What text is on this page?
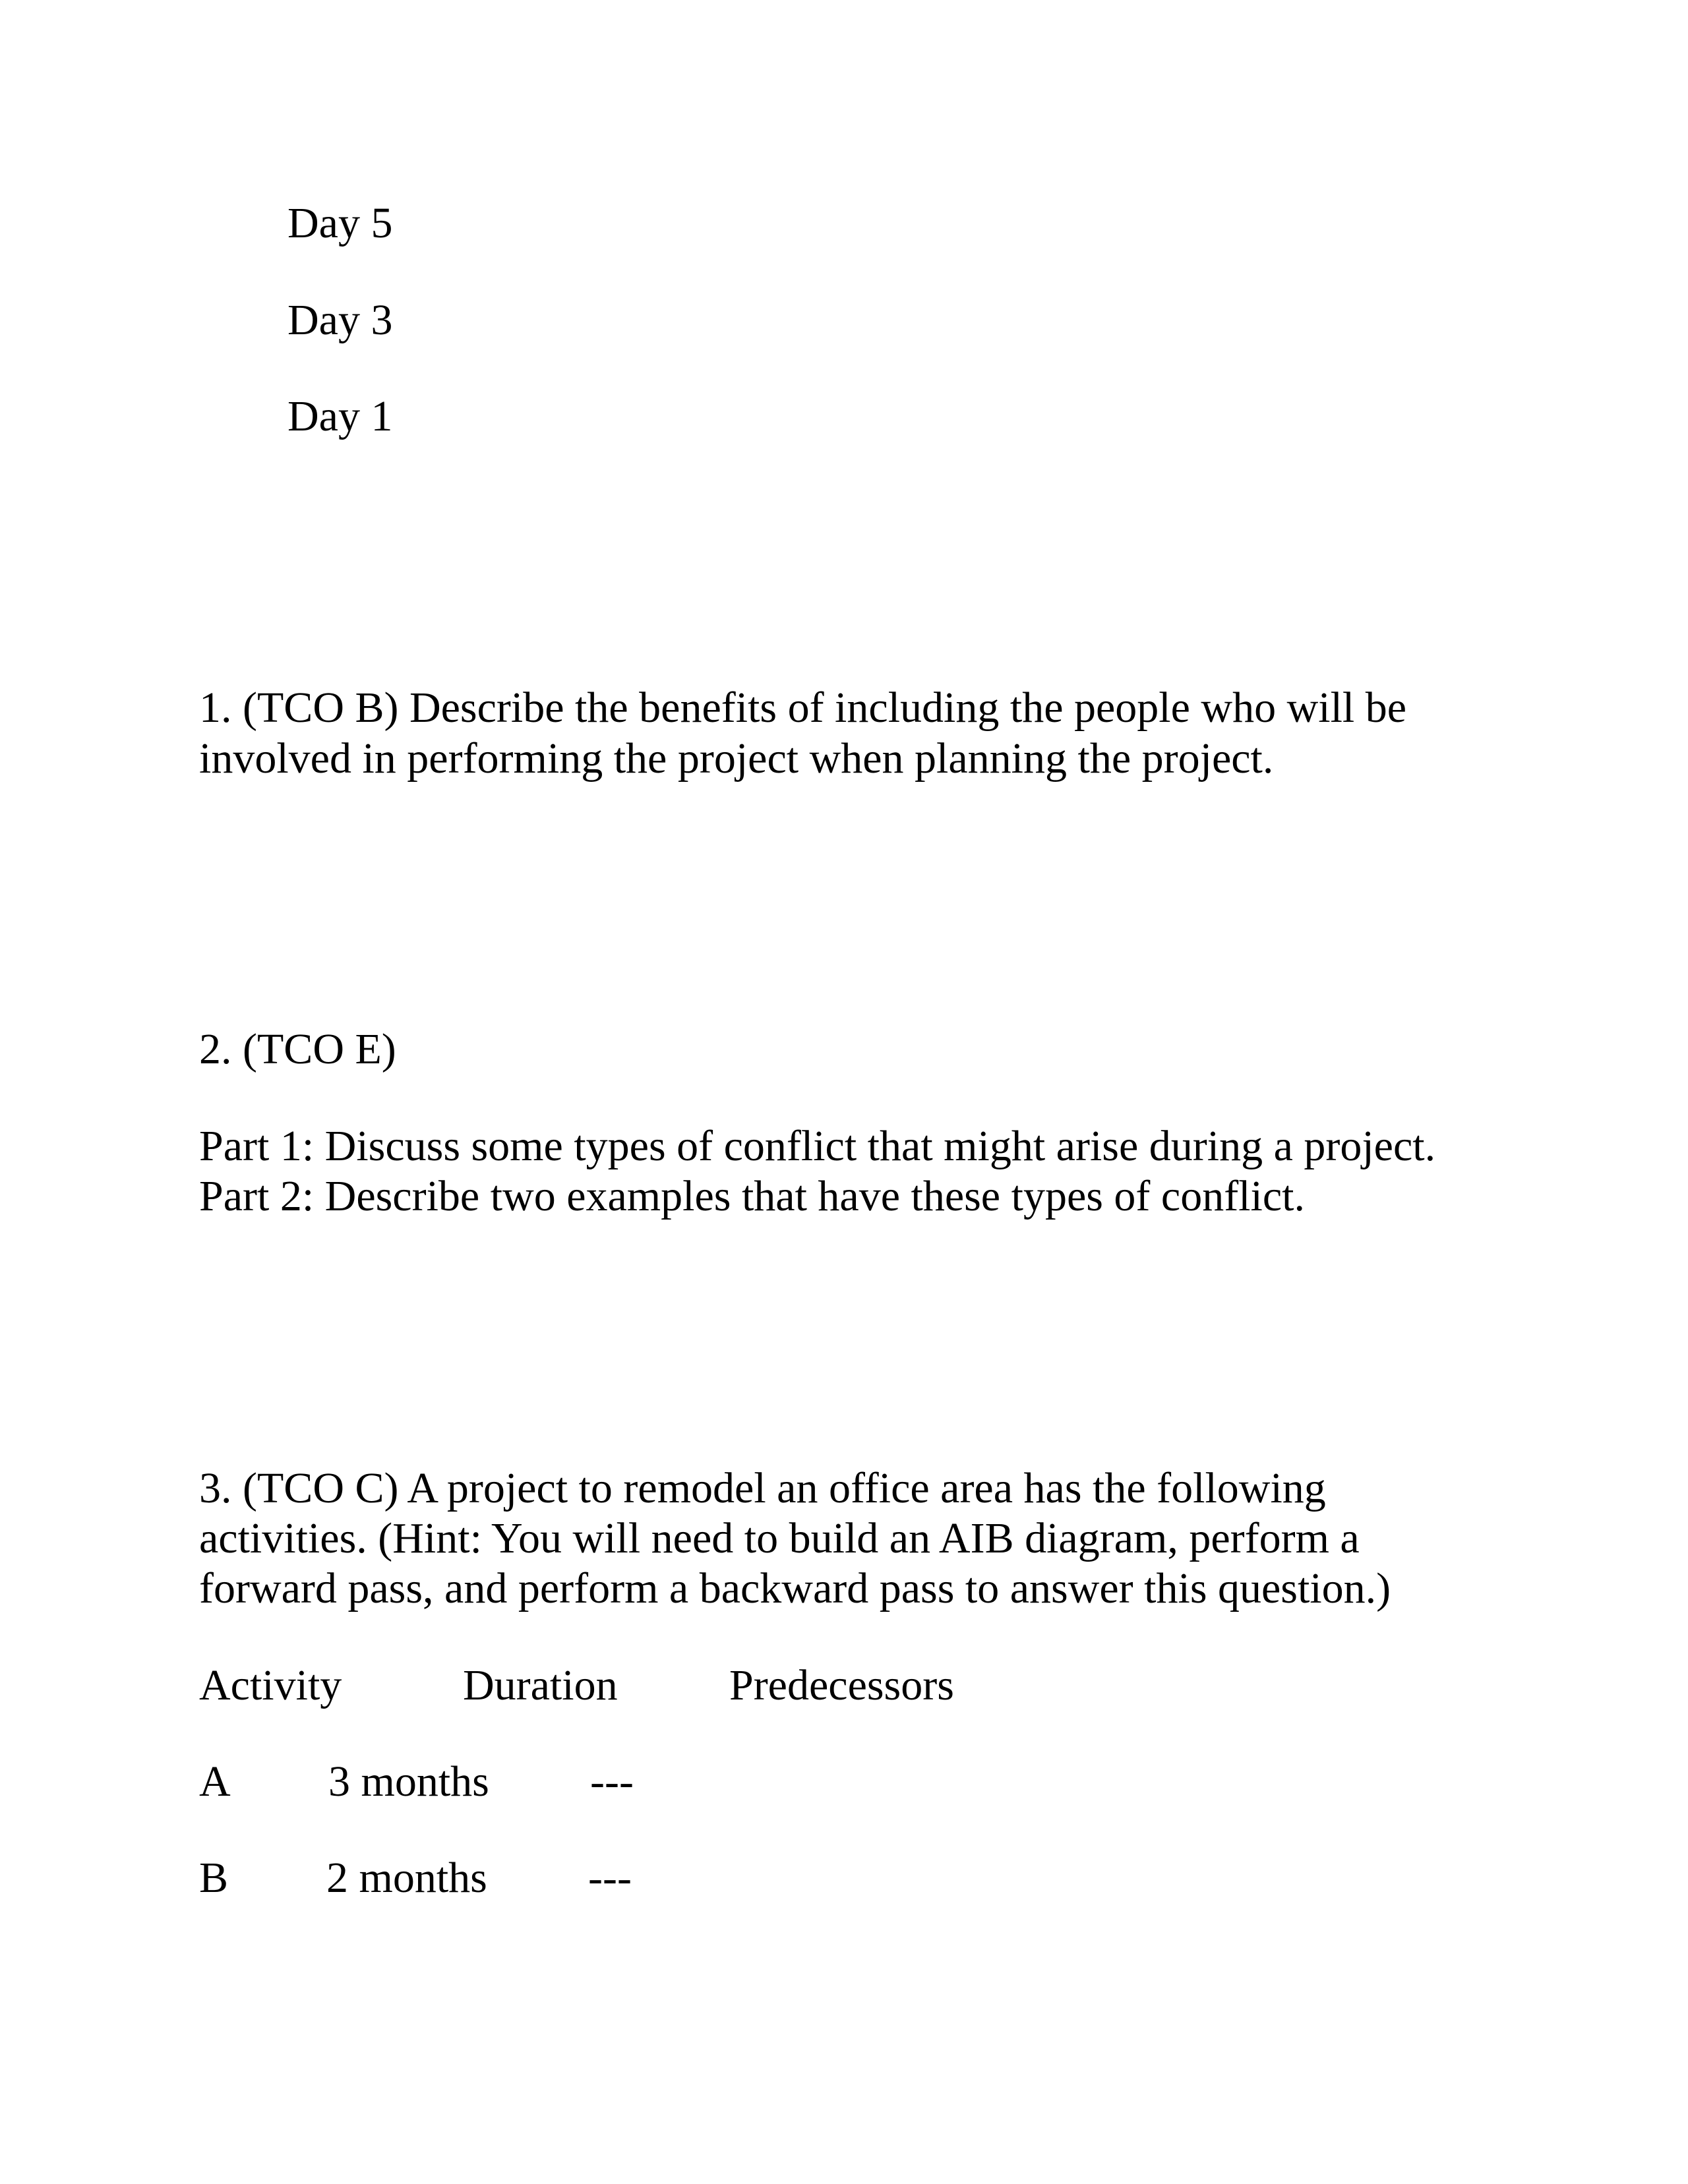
Day 5

Day 3

Day 1

1. (TCO B) Describe the benefits of including the people who will be

involved in performing the project when planning the project.

2. (TCO E)

Part 1: Discuss some types of conflict that might arise during a project.

Part 2: Describe two examples that have these types of conflict.

3. (TCO C) A project to remodel an office area has the following

activities. (Hint: You will need to build an AIB diagram, perform a

forward pass, and perform a backward pass to answer this question.)

Activity	Duration	Predecessors

A 3 months ---

B 2 months ---
